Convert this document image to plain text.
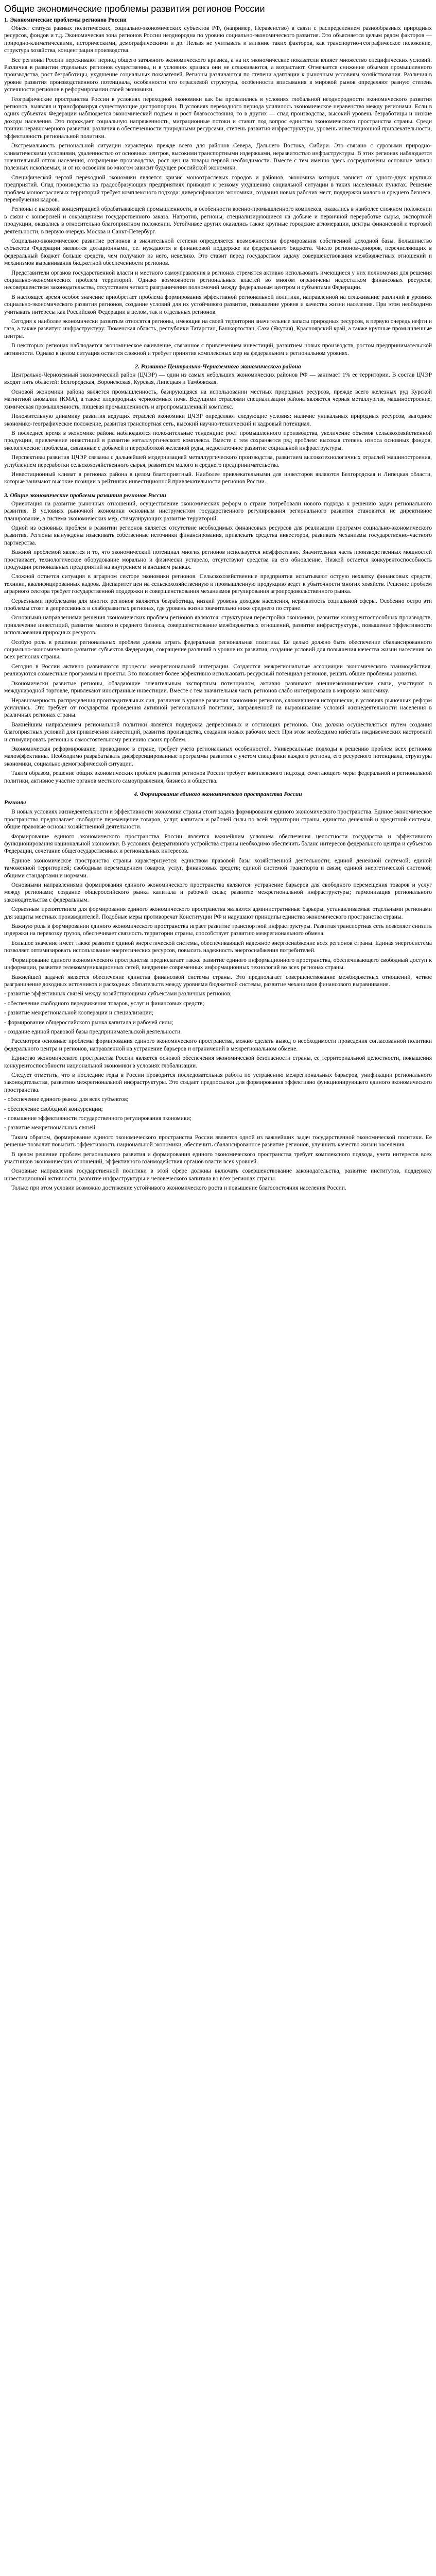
Общие экономические проблемы развития регионов России
1. Экономические проблемы регионов России

Обьект статуса равных политических, социально-экономических субъектов РФ, (например, Неравенство) в связи с распределением разнообразных природных ресурсов, фондов и т.д. Экономическая зона регионов России неоднородна по уровню социально-экономического развития. Это объясняется целым рядом факторов — природно-климатическими, историческими, демографическими и др. Нельзя не учитывать и влияние таких факторов, как транспортно-географическое положение, структура хозяйства, концентрация производства.

Все регионы России переживают период общего затяжного экономического кризиса, а на их экономические показатели влияет множество специфических условий. Различия в развитии отдельных регионов существенны, и в условиях кризиса они не сглаживаются, а возрастают. Отмечается снижение объемов промышленного производства, рост безработицы, ухудшение социальных показателей. Регионы различаются по степени адаптации к рыночным условиям хозяйствования. Различия в уровне развития производственного потенциала, особенности его отраслевой структуры, особенности вписывания в мировой рынок определяют разную степень успешности регионов в реформировании своей экономики.

Географические пространства России в условиях переходной экономики как бы провалились в условиях глобальной неоднородности экономического развития регионов, выявляя и трансформируя существующие диспропорции. В условиях переходного периода усилилось экономическое неравенство между регионами. Если в одних субъектах Федерации наблюдается экономический подъем и рост благосостояния, то в других — спад производства, высокий уровень безработицы и низкие доходы населения. Это порождает социальную напряженность, миграционные потоки и ставит под вопрос единство экономического пространства страны. Среди причин неравномерного развития: различия в обеспеченности природными ресурсами, степень развития инфраструктуры, уровень инвестиционной привлекательности, эффективность региональной политики.

Экстремальность региональной ситуации характерна прежде всего для районов Севера, Дальнего Востока, Сибири. Это связано с суровыми природно-климатическими условиями, удаленностью от основных центров, высокими транспортными издержками, неразвитостью инфраструктуры. В этих регионах наблюдается значительный отток населения, сокращение производства, рост цен на товары первой необходимости. Вместе с тем именно здесь сосредоточены основные запасы полезных ископаемых, и от их освоения во многом зависит будущее российской экономики.

Специфической чертой переходной экономики является кризис моноотраслевых городов и районов, экономика которых зависит от одного-двух крупных предприятий. Спад производства на градообразующих предприятиях приводит к резкому ухудшению социальной ситуации в таких населенных пунктах. Решение проблем моноотраслевых территорий требует комплексного подхода: диверсификации экономики, создания новых рабочих мест, поддержки малого и среднего бизнеса, переобучения кадров.

Регионы с высокой концентрацией обрабатывающей промышленности, в особенности военно-промышленного комплекса, оказались в наиболее сложном положении в связи с конверсией и сокращением государственного заказа. Напротив, регионы, специализирующиеся на добыче и первичной переработке сырья, экспортной продукции, оказались в относительно благоприятном положении. Устойчивее других оказались также крупные городские агломерации, центры финансовой и торговой деятельности, в первую очередь Москва и Санкт-Петербург.

Социально-экономическое развитие регионов в значительной степени определяется возможностями формирования собственной доходной базы. Большинство субъектов Федерации являются дотационными, т.е. нуждаются в финансовой поддержке из федерального бюджета. Число регионов-доноров, перечисляющих в федеральный бюджет больше средств, чем получают из него, невелико. Это ставит перед государством задачу совершенствования межбюджетных отношений и механизмов выравнивания бюджетной обеспеченности регионов.

Представители органов государственной власти и местного самоуправления в регионах стремятся активно использовать имеющиеся у них полномочия для решения социально-экономических проблем территорий. Однако возможности региональных властей во многом ограничены недостатком финансовых ресурсов, несовершенством законодательства, отсутствием четкого разграничения полномочий между федеральным центром и субъектами Федерации.

В настоящее время особое значение приобретает проблема формирования эффективной региональной политики, направленной на сглаживание различий в уровнях социально-экономического развития регионов, создание условий для их устойчивого развития, повышение уровня и качества жизни населения. При этом необходимо учитывать интересы как Российской Федерации в целом, так и отдельных регионов.

Сегодня к наиболее экономически развитым относятся регионы, имеющие на своей территории значительные запасы природных ресурсов, в первую очередь нефти и газа, а также развитую инфраструктуру: Тюменская область, республики Татарстан, Башкортостан, Саха (Якутия), Красноярский край, а также крупные промышленные центры.

В некоторых регионах наблюдается экономическое оживление, связанное с привлечением инвестиций, развитием новых производств, ростом предпринимательской активности. Однако в целом ситуация остается сложной и требует принятия комплексных мер на федеральном и региональном уровнях.

2. Развитие Центрально-Черноземного экономического района

Центрально-Черноземный экономический район (ЦЧЭР) — один из самых небольших экономических районов РФ — занимает 1% ее территории. В состав ЦЧЭР входят пять областей: Белгородская, Воронежская, Курская, Липецкая и Тамбовская.

Основой экономики района является промышленность, базирующаяся на использовании местных природных ресурсов, прежде всего железных руд Курской магнитной аномалии (КМА), а также плодородных черноземных почв. Ведущими отраслями специализации района являются черная металлургия, машиностроение, химическая промышленность, пищевая промышленность и агропромышленный комплекс.

Положительную динамику развития ведущих отраслей экономики ЦЧЭР определяют следующие условия: наличие уникальных природных ресурсов, выгодное экономико-географическое положение, развитая транспортная сеть, высокий научно-технический и кадровый потенциал.

В последнее время в экономике района наблюдаются положительные тенденции: рост промышленного производства, увеличение объемов сельскохозяйственной продукции, привлечение инвестиций в развитие металлургического комплекса. Вместе с тем сохраняется ряд проблем: высокая степень износа основных фондов, экологические проблемы, связанные с добычей и переработкой железной руды, недостаточное развитие социальной инфраструктуры.

Перспективы развития ЦЧЭР связаны с дальнейшей модернизацией металлургического производства, развитием высокотехнологичных отраслей машиностроения, углублением переработки сельскохозяйственного сырья, развитием малого и среднего предпринимательства.

Инвестиционный климат в регионах района в целом благоприятный. Наиболее привлекательными для инвесторов являются Белгородская и Липецкая области, которые занимают высокие позиции в рейтингах инвестиционной привлекательности регионов России.

3. Общие экономические проблемы развития регионов России

Ориентация на развитие рыночных отношений, осуществление экономических реформ в стране потребовали нового подхода к решению задач регионального развития. В условиях рыночной экономики основным инструментом государственного регулирования регионального развития становится не директивное планирование, а система экономических мер, стимулирующих развитие территорий.

Одной из основных проблем в развитии регионов является отсутствие необходимых финансовых ресурсов для реализации программ социально-экономического развития. Регионы вынуждены изыскивать собственные источники финансирования, привлекать средства инвесторов, развивать механизмы государственно-частного партнерства.

Важной проблемой является и то, что экономический потенциал многих регионов используется неэффективно. Значительная часть производственных мощностей простаивает, технологическое оборудование морально и физически устарело, отсутствуют средства на его обновление. Низкой остается конкурентоспособность продукции региональных предприятий на внутреннем и внешнем рынках.

Сложной остается ситуация в аграрном секторе экономики регионов. Сельскохозяйственные предприятия испытывают острую нехватку финансовых средств, техники, квалифицированных кадров. Диспаритет цен на сельскохозяйственную и промышленную продукцию ведет к убыточности многих хозяйств. Решение проблем аграрного сектора требует государственной поддержки и совершенствования механизмов регулирования агропродовольственного рынка.

Серьезными проблемами для многих регионов являются безработица, низкий уровень доходов населения, неразвитость социальной сферы. Особенно остро эти проблемы стоят в депрессивных и слаборазвитых регионах, где уровень жизни значительно ниже среднего по стране.

Основными направлениями решения экономических проблем регионов являются: структурная перестройка экономики, развитие конкурентоспособных производств, привлечение инвестиций, развитие малого и среднего бизнеса, совершенствование межбюджетных отношений, развитие инфраструктуры, повышение эффективности использования природных ресурсов.

Особую роль в решении региональных проблем должна играть федеральная региональная политика. Ее целью должно быть обеспечение сбалансированного социально-экономического развития субъектов Федерации, сокращение различий в уровне их развития, создание условий для повышения качества жизни населения во всех регионах страны.

Сегодня в России активно развиваются процессы межрегиональной интеграции. Создаются межрегиональные ассоциации экономического взаимодействия, реализуются совместные программы и проекты. Это позволяет более эффективно использовать ресурсный потенциал регионов, решать общие проблемы развития.

Экономически развитые регионы, обладающие значительным экспортным потенциалом, активно развивают внешнеэкономические связи, участвуют в международной торговле, привлекают иностранные инвестиции. Вместе с тем значительная часть регионов слабо интегрирована в мировую экономику.

Неравномерность распределения производительных сил, различия в уровне развития экономики регионов, сложившиеся исторически, в условиях рыночных реформ усилились. Это требует от государства проведения активной региональной политики, направленной на выравнивание условий жизнедеятельности населения в различных регионах страны.

Важнейшим направлением региональной политики является поддержка депрессивных и отстающих регионов. Она должна осуществляться путем создания благоприятных условий для привлечения инвестиций, развития производства, создания новых рабочих мест. При этом необходимо избегать иждивенческих настроений и стимулировать регионы к самостоятельному решению своих проблем.

Экономическая реформирование, проводимое в стране, требует учета региональных особенностей. Универсальные подходы к решению проблем всех регионов малоэффективны. Необходимо разрабатывать дифференцированные программы развития с учетом специфики каждого региона, его ресурсного потенциала, структуры экономики, социально-демографической ситуации.

Таким образом, решение общих экономических проблем развития регионов России требует комплексного подхода, сочетающего меры федеральной и региональной политики, активное участие органов местного самоуправления, бизнеса и общества.

4. Формирование единого экономического пространства России

Регионы

В новых условиях жизнедеятельности и эффективности экономики страны стоит задача формирования единого экономического пространства. Единое экономическое пространство предполагает свободное перемещение товаров, услуг, капитала и рабочей силы по всей территории страны, единство денежной и кредитной системы, общие правовые основы хозяйственной деятельности.

Формирование единого экономического пространства России является важнейшим условием обеспечения целостности государства и эффективного функционирования национальной экономики. В условиях федеративного устройства страны необходимо обеспечить баланс интересов федерального центра и субъектов Федерации, сочетание общегосударственных и региональных интересов.

Единое экономическое пространство страны характеризуется: единством правовой базы хозяйственной деятельности; единой денежной системой; единой таможенной территорией; свободным перемещением товаров, услуг, финансовых средств; единой системой транспорта и связи; единой энергетической системой; общими стандартами и нормами.

Основными направлениями формирования единого экономического пространства являются: устранение барьеров для свободного перемещения товаров и услуг между регионами; создание общероссийского рынка капитала и рабочей силы; развитие межрегиональной инфраструктуры; гармонизация регионального законодательства с федеральным.

Серьезным препятствием для формирования единого экономического пространства являются административные барьеры, устанавливаемые отдельными регионами для защиты местных производителей. Подобные меры противоречат Конституции РФ и нарушают принципы единства экономического пространства страны.

Важную роль в формировании единого экономического пространства играет развитие транспортной инфраструктуры. Развитая транспортная сеть позволяет снизить издержки на перевозку грузов, обеспечивает связность территории страны, способствует развитию межрегионального обмена.

Большое значение имеет также развитие единой энергетической системы, обеспечивающей надежное энергоснабжение всех регионов страны. Единая энергосистема позволяет оптимизировать использование энергетических ресурсов, повысить надежность энергоснабжения потребителей.

Формирование единого экономического пространства предполагает также развитие единого информационного пространства, обеспечивающего свободный доступ к информации, развитие телекоммуникационных сетей, внедрение современных информационных технологий во всех регионах страны.

Важнейшей задачей является обеспечение единства финансовой системы страны. Это предполагает совершенствование межбюджетных отношений, четкое разграничение доходных источников и расходных обязательств между уровнями бюджетной системы, развитие механизмов финансового выравнивания.

- развитие эффективных связей между хозяйствующими субъектами различных регионов;

- обеспечение свободного передвижения товаров, услуг и финансовых средств;

- развитие межрегиональной кооперации и специализации;

- формирование общероссийского рынка капитала и рабочей силы;

- создание единой правовой базы предпринимательской деятельности.

Рассмотрев основные проблемы формирования единого экономического пространства, можно сделать вывод о необходимости проведения согласованной политики федерального центра и регионов, направленной на устранение барьеров и ограничений в межрегиональном обмене.

Единство экономического пространства России является основой обеспечения экономической безопасности страны, ее территориальной целостности, повышения конкурентоспособности национальной экономики в условиях глобализации.

Следует отметить, что в последние годы в России проводится последовательная работа по устранению межрегиональных барьеров, унификации регионального законодательства, развитию межрегиональной инфраструктуры. Это создает предпосылки для формирования эффективно функционирующего единого экономического пространства.

- обеспечение единого рынка для всех субъектов;

- обеспечение свободной конкуренции;

- повышение эффективности государственного регулирования экономики;

- развитие межрегиональных связей.

Таким образом, формирование единого экономического пространства России является одной из важнейших задач государственной экономической политики. Ее решение позволит повысить эффективность национальной экономики, обеспечить сбалансированное развитие регионов, улучшить качество жизни населения.

В целом решение проблем регионального развития и формирования единого экономического пространства требует комплексного подхода, учета интересов всех участников экономических отношений, эффективного взаимодействия органов власти всех уровней.

Основные направления государственной политики в этой сфере должны включать совершенствование законодательства, развитие институтов, поддержку инвестиционной активности, развитие инфраструктуры и человеческого капитала во всех регионах страны.

Только при этом условии возможно достижение устойчивого экономического роста и повышение благосостояния населения России.
